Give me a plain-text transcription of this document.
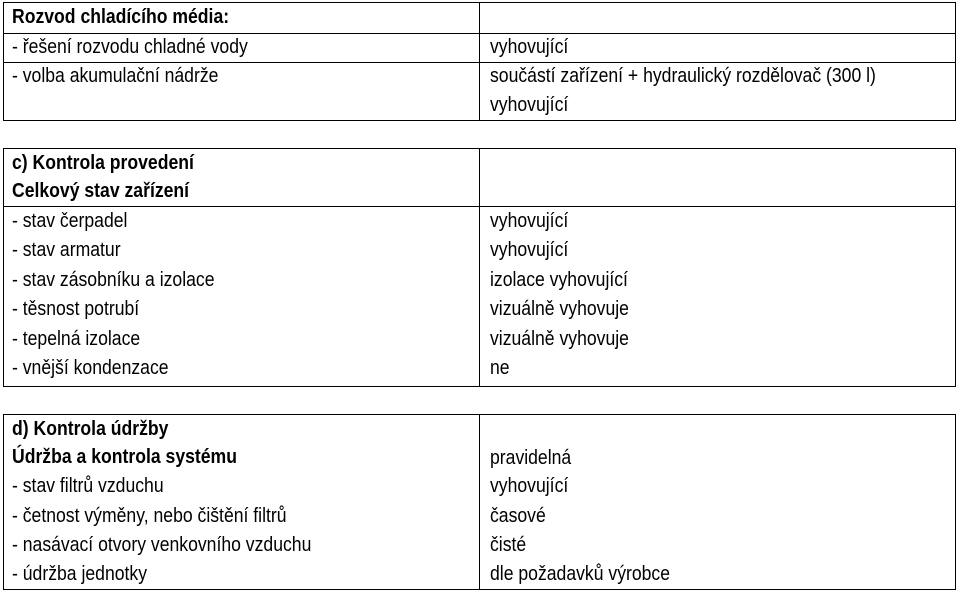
Rozvod chladícího média:
- řešení rozvodu chladné vody	vyhovující
- volba akumulační nádrže	součástí zařízení + hydraulický rozdělovač (300 l)
vyhovující
c) Kontrola provedení
Celkový stav zařízení
- stav čerpadel	vyhovující
- stav armatur	vyhovující
- stav zásobníku a izolace	izolace vyhovující
- těsnost potrubí	vizuálně vyhovuje
- tepelná izolace	vizuálně vyhovuje
- vnější kondenzace	ne
d) Kontrola údržby
Údržba a kontrola systému	pravidelná
- stav filtrů vzduchu	vyhovující
- četnost výměny, nebo čištění filtrů	časové
- nasávací otvory venkovního vzduchu	čisté
- údržba jednotky	dle požadavků výrobce
